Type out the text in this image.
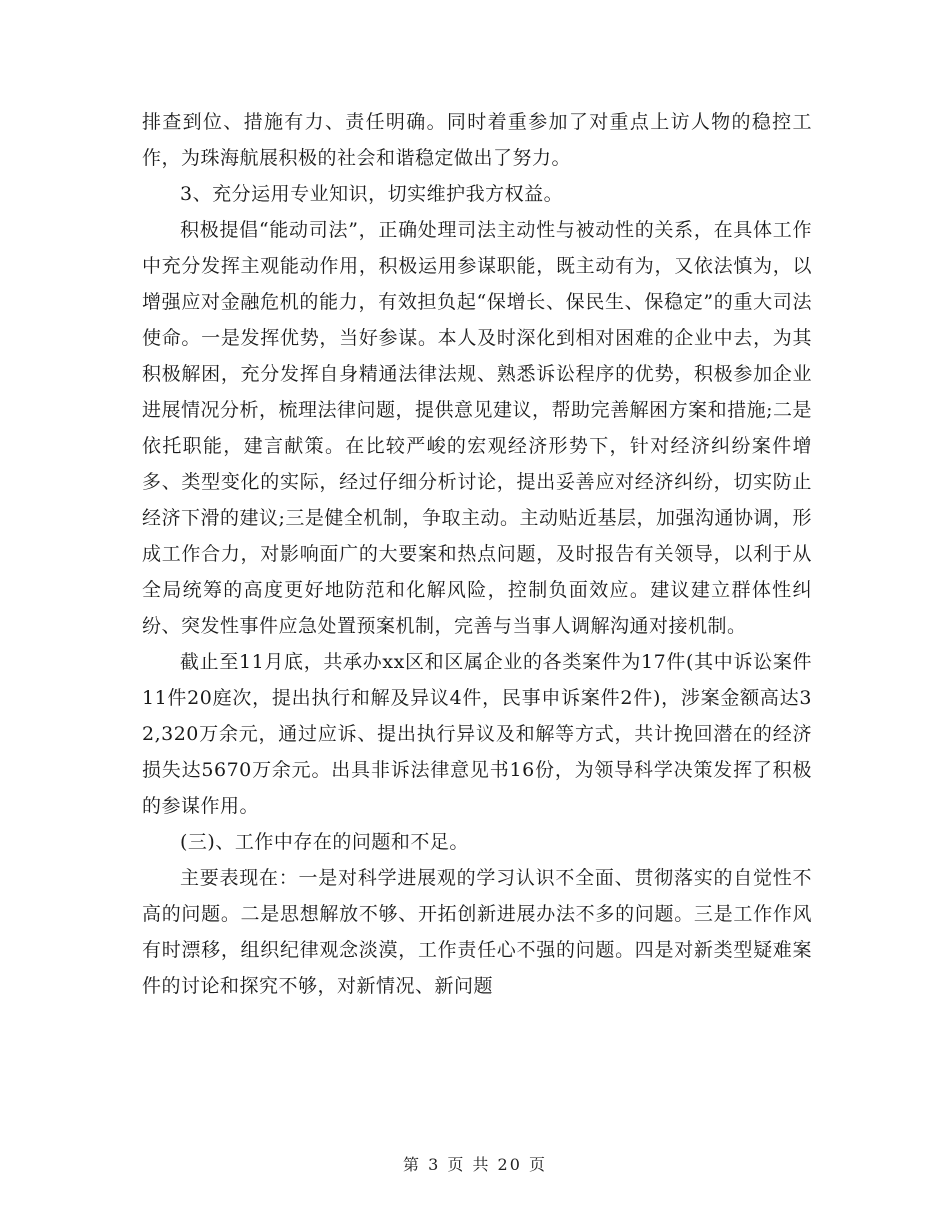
排查到位、措施有力、责任明确。同时着重参加了对重点上访人物的稳控工作，为珠海航展积极的社会和谐稳定做出了努力。

3、充分运用专业知识，切实维护我方权益。

积极提倡“能动司法”，正确处理司法主动性与被动性的关系，在具体工作中充分发挥主观能动作用，积极运用参谋职能，既主动有为，又依法慎为，以增强应对金融危机的能力，有效担负起“保增长、保民生、保稳定”的重大司法使命。一是发挥优势，当好参谋。本人及时深化到相对困难的企业中去，为其积极解困，充分发挥自身精通法律法规、熟悉诉讼程序的优势，积极参加企业进展情况分析，梳理法律问题，提供意见建议，帮助完善解困方案和措施;二是依托职能，建言献策。在比较严峻的宏观经济形势下，针对经济纠纷案件增多、类型变化的实际，经过仔细分析讨论，提出妥善应对经济纠纷，切实防止经济下滑的建议;三是健全机制，争取主动。主动贴近基层，加强沟通协调，形成工作合力，对影响面广的大要案和热点问题，及时报告有关领导，以利于从全局统筹的高度更好地防范和化解风险，控制负面效应。建议建立群体性纠纷、突发性事件应急处置预案机制，完善与当事人调解沟通对接机制。

截止至11月底，共承办xx区和区属企业的各类案件为17件(其中诉讼案件11件20庭次，提出执行和解及异议4件，民事申诉案件2件)，涉案金额高达32,320万余元，通过应诉、提出执行异议及和解等方式，共计挽回潜在的经济损失达5670万余元。出具非诉法律意见书16份，为领导科学决策发挥了积极的参谋作用。

(三)、工作中存在的问题和不足。

主要表现在：一是对科学进展观的学习认识不全面、贯彻落实的自觉性不高的问题。二是思想解放不够、开拓创新进展办法不多的问题。三是工作作风有时漂移，组织纪律观念淡漠，工作责任心不强的问题。四是对新类型疑难案件的讨论和探究不够，对新情况、新问题

第 3 页 共 20 页
